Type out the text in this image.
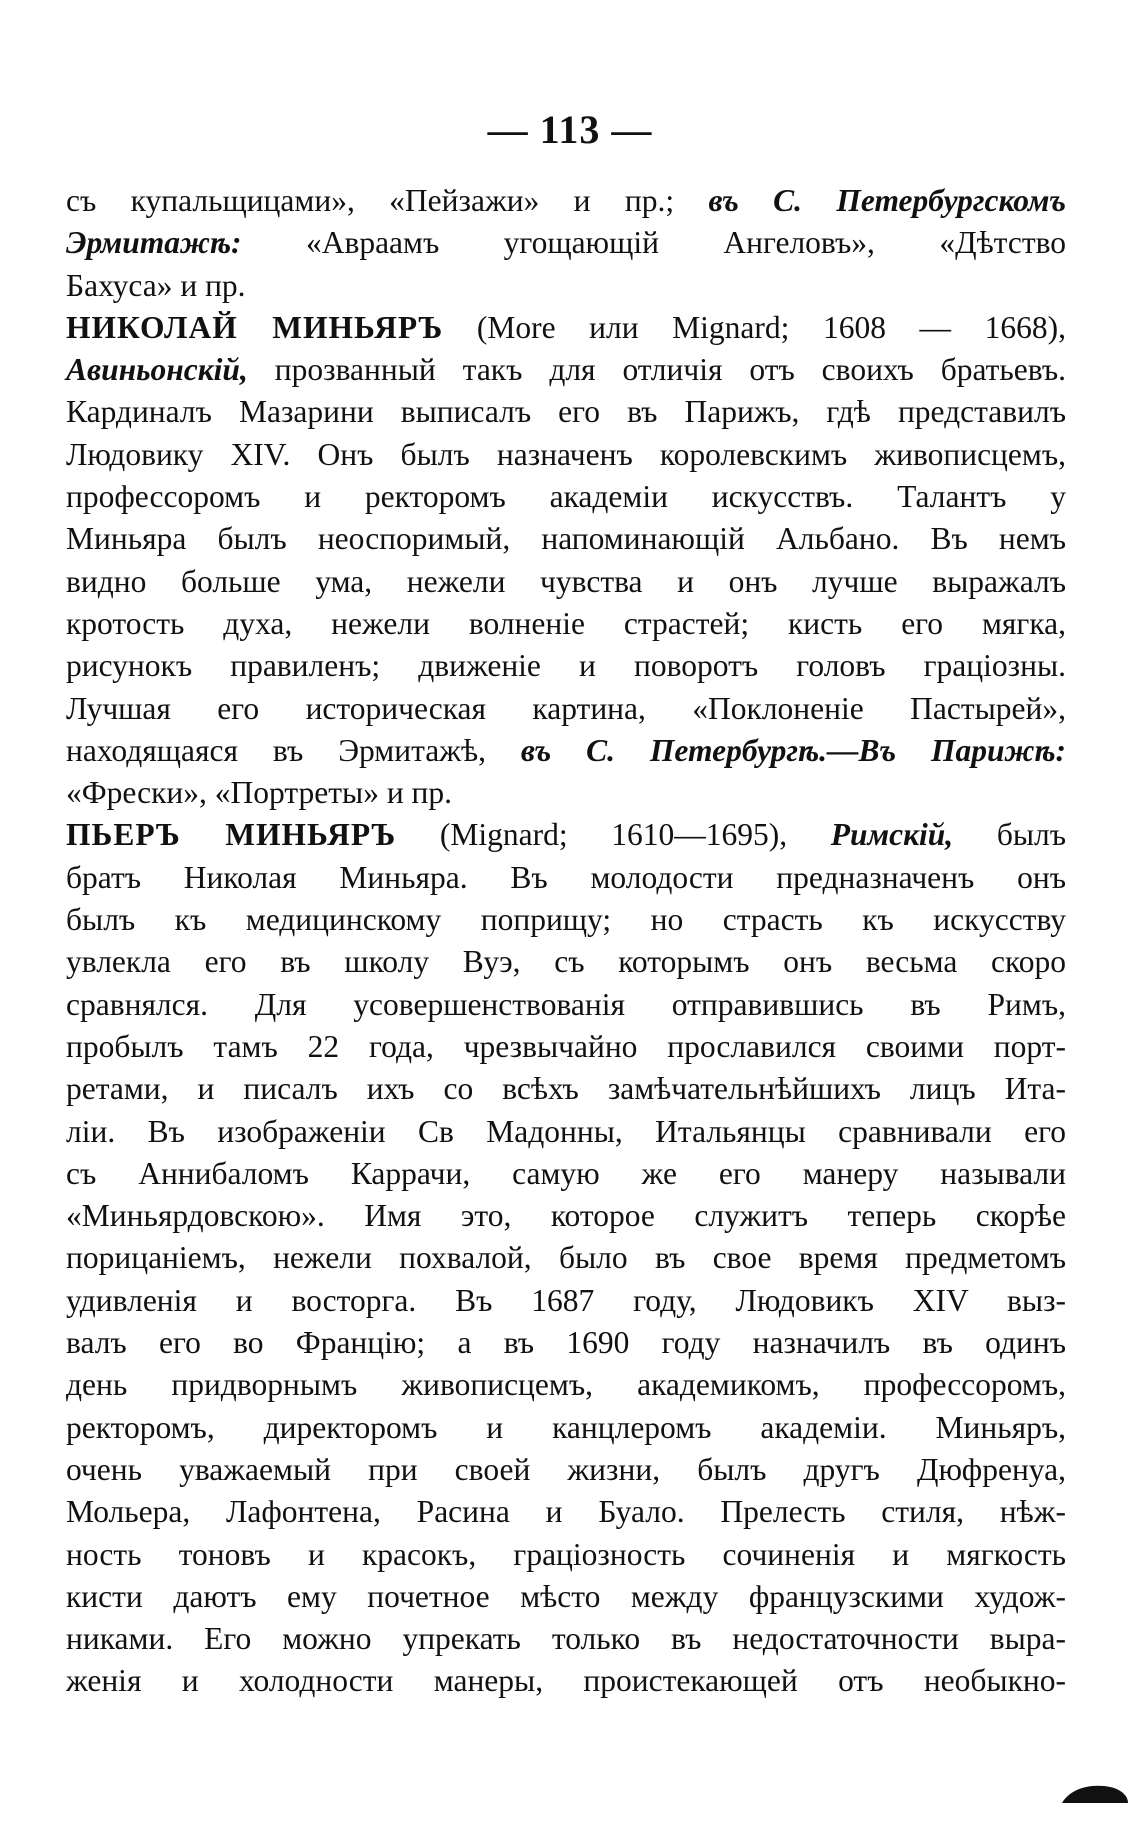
— 113 —
съ купальщицами», «Пейзажи» и пр.; въ С. Петербургскомъ
Эрмитажѣ: «Авраамъ угощающій Ангеловъ», «Дѣтство
Бахуса» и пр.
НИКОЛАЙ МИНЬЯРЪ (More или Mignard; 1608 — 1668),
Авиньонскій, прозванный такъ для отличія отъ своихъ братьевъ.
Кардиналъ Мазарини выписалъ его въ Парижъ, гдѣ представилъ
Людовику XIV. Онъ былъ назначенъ королевскимъ живописцемъ,
профессоромъ и ректоромъ академіи искусствъ. Талантъ у
Миньяра былъ неоспоримый, напоминающій Альбано. Въ немъ
видно больше ума, нежели чувства и онъ лучше выражалъ
кротость духа, нежели волненіе страстей; кисть его мягка,
рисунокъ правиленъ; движеніе и поворотъ головъ граціозны.
Лучшая его историческая картина, «Поклоненіе Пастырей»,
находящаяся въ Эрмитажѣ, въ С. Петербургѣ.—Въ Парижѣ:
«Фрески», «Портреты» и пр.
ПЬЕРЪ МИНЬЯРЪ (Mignard; 1610—1695), Римскій, былъ
братъ Николая Миньяра. Въ молодости предназначенъ онъ
былъ къ медицинскому поприщу; но страсть къ искусству
увлекла его въ школу Вуэ, съ которымъ онъ весьма скоро
сравнялся. Для усовершенствованія отправившись въ Римъ,
пробылъ тамъ 22 года, чрезвычайно прославился своими порт-
ретами, и писалъ ихъ со всѣхъ замѣчательнѣйшихъ лицъ Ита-
ліи. Въ изображеніи Св Мадонны, Итальянцы сравнивали его
съ Аннибаломъ Каррачи, самую же его манеру называли
«Миньярдовскою». Имя это, которое служитъ теперь скорѣе
порицаніемъ, нежели похвалой, было въ свое время предметомъ
удивленія и восторга. Въ 1687 году, Людовикъ XIV выз-
валъ его во Францію; а въ 1690 году назначилъ въ одинъ
день придворнымъ живописцемъ, академикомъ, профессоромъ,
ректоромъ, директоромъ и канцлеромъ академіи. Миньяръ,
очень уважаемый при своей жизни, былъ другъ Дюфренуа,
Мольера, Лафонтена, Расина и Буало. Прелесть стиля, нѣж-
ность тоновъ и красокъ, граціозность сочиненія и мягкость
кисти даютъ ему почетное мѣсто между французскими худож-
никами. Его можно упрекать только въ недостаточности выра-
женія и холодности манеры, проистекающей отъ необыкно-
